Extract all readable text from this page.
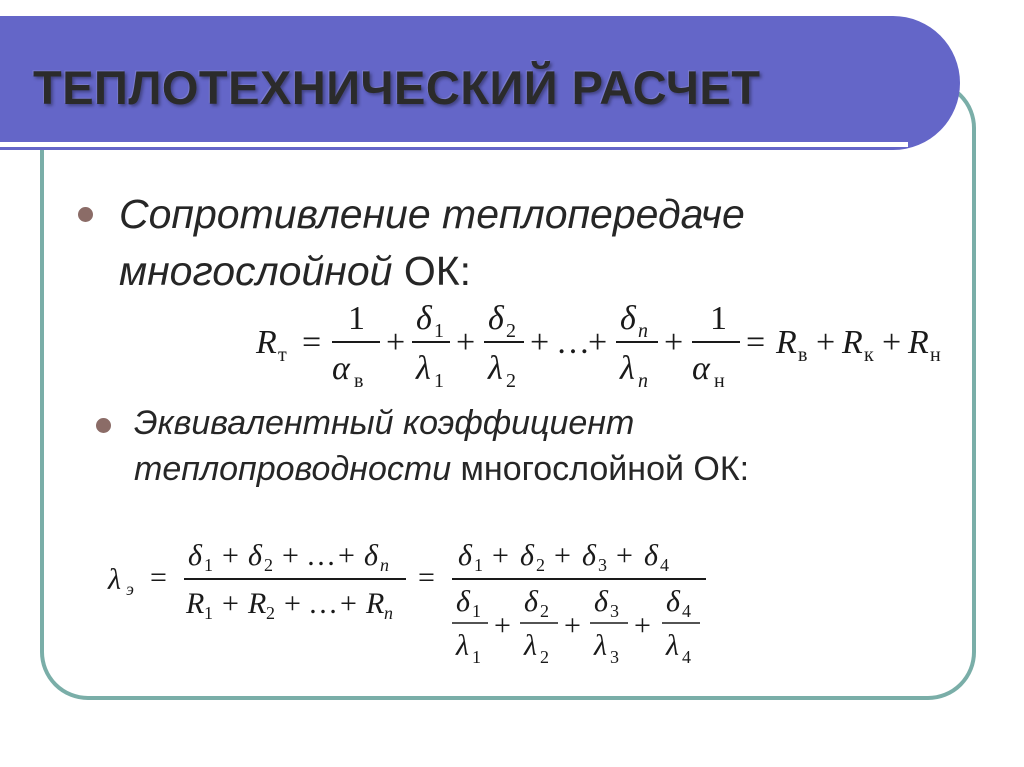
ТЕПЛОТЕХНИЧЕСКИЙ РАСЧЕТ
Сопротивление теплопередаче
многослойной ОК:
R т =
1
α в
+
δ 1
λ 1
+
δ 2
λ 2
+ …
+
δ n
λ n
+
1
α н
= R в + R к + R н
Эквивалентный коэффициент
теплопроводности многослойной ОК:
λ э =
δ 1 + δ 2 + … + δ n
R 1 + R 2 + … + R n
=
δ 1 + δ 2 + δ 3 + δ 4
δ 1
λ 1
+
δ 2
λ 2
+
δ 3
λ 3
+
δ 4
λ 4
